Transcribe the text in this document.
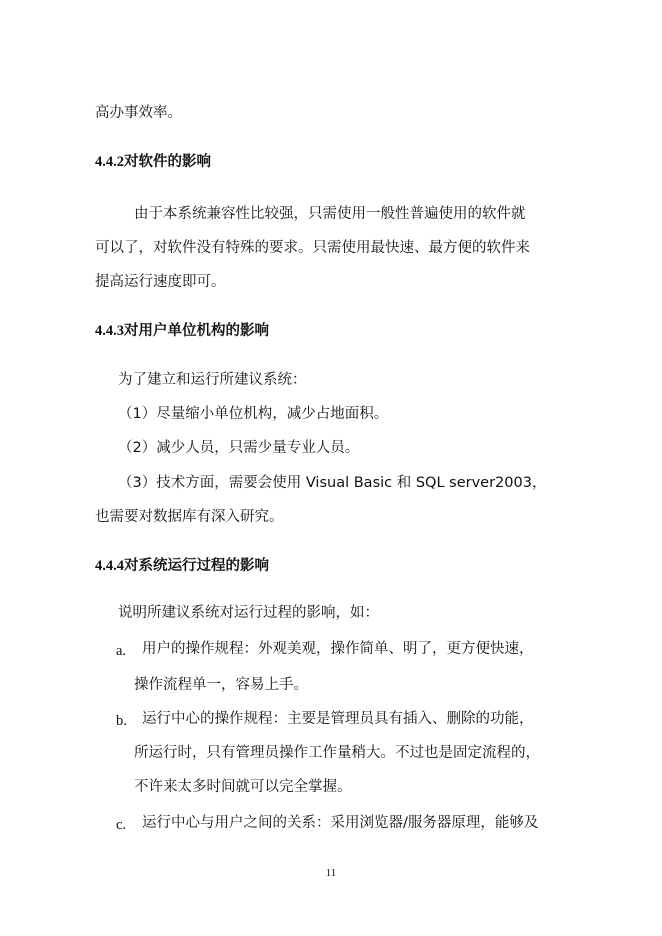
高办事效率。
4.4.2对软件的影响
由于本系统兼容性比较强，只需使用一般性普遍使用的软件就
可以了，对软件没有特殊的要求。只需使用最快速、最方便的软件来
提高运行速度即可。
4.4.3对用户单位机构的影响
为了建立和运行所建议系统：
（1）尽量缩小单位机构，减少占地面积。
（2）减少人员，只需少量专业人员。
（3）技术方面，需要会使用 Visual Basic 和 SQL server2003，
也需要对数据库有深入研究。
4.4.4对系统运行过程的影响
说明所建议系统对运行过程的影响，如：
a. 用户的操作规程：外观美观，操作简单、明了，更方便快速，
操作流程单一，容易上手。
b. 运行中心的操作规程：主要是管理员具有插入、删除的功能，
所运行时，只有管理员操作工作量稍大。不过也是固定流程的，
不许来太多时间就可以完全掌握。
c. 运行中心与用户之间的关系：采用浏览器/服务器原理，能够及
11
